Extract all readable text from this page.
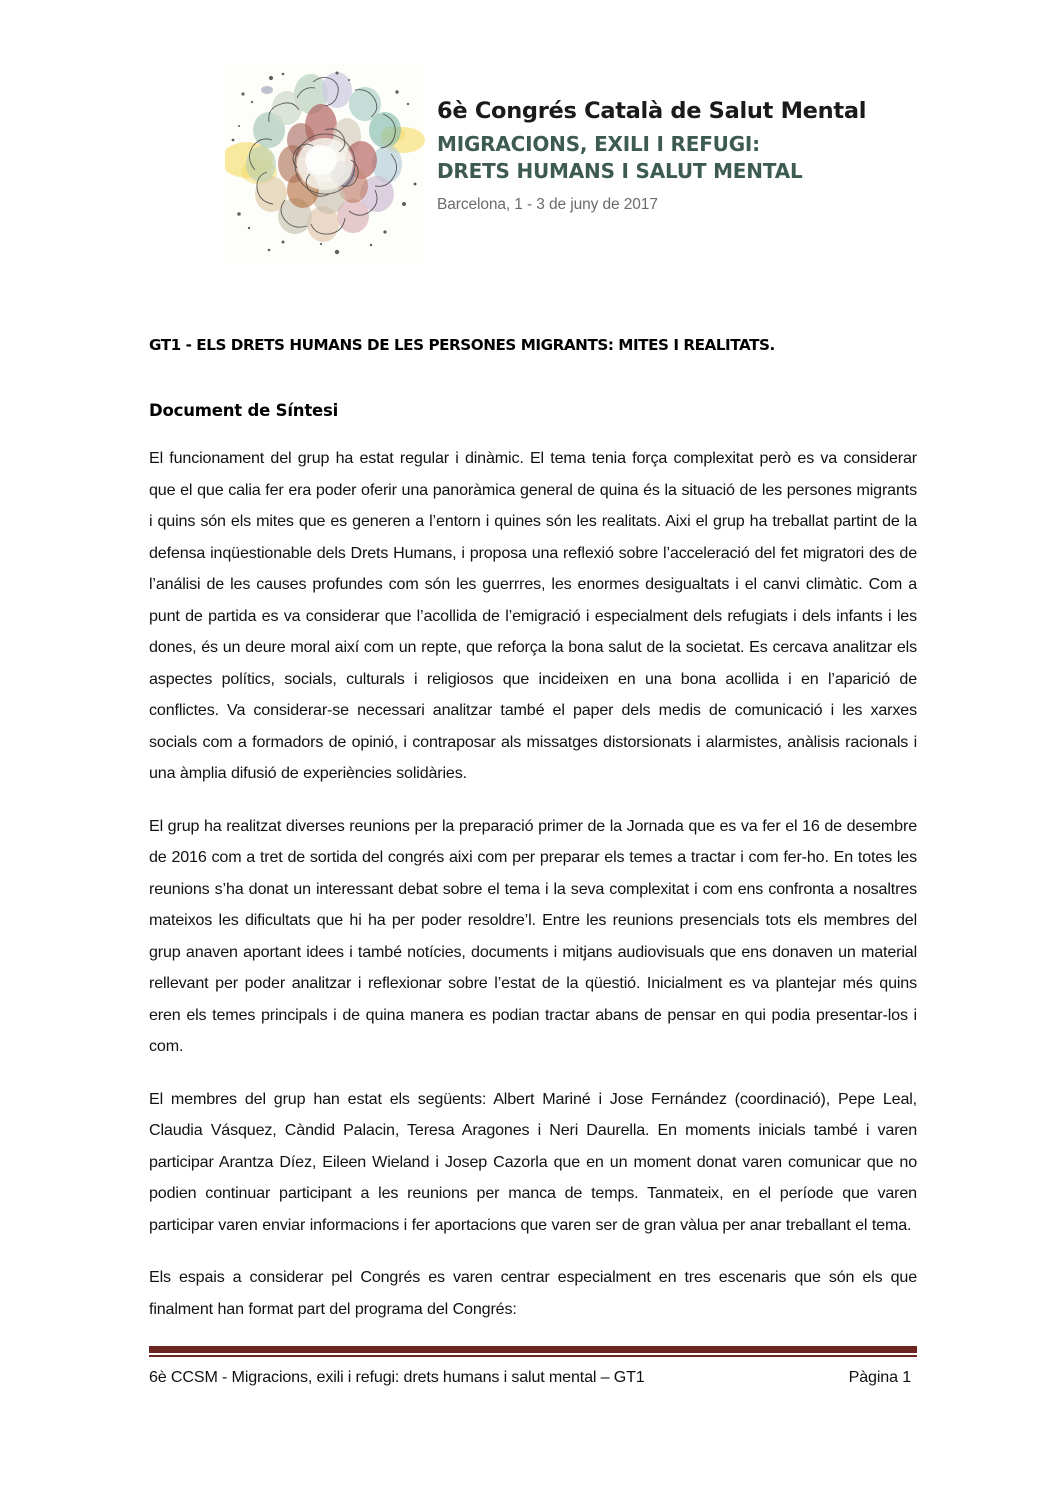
6è Congrés Català de Salut Mental
MIGRACIONS, EXILI I REFUGI:
DRETS HUMANS I SALUT MENTAL
Barcelona, 1 - 3 de juny de 2017
GT1 - ELS DRETS HUMANS DE LES PERSONES MIGRANTS: MITES I REALITATS.
Document de Síntesi

El funcionament del grup ha estat regular i dinàmic. El tema tenia força complexitat però es va considerar que el que calia fer era poder oferir una panoràmica general de quina és la situació de les persones migrants i quins són els mites que es generen a l’entorn i quines són les realitats. Aixi el grup ha treballat partint de la defensa inqüestionable dels Drets Humans, i proposa una reflexió sobre l’acceleració del fet migratori des de l’análisi de les causes profundes com són les guerrres, les enormes desigualtats i el canvi climàtic. Com a punt de partida es va considerar que l’acollida de l’emigració i especialment dels refugiats i dels infants i les dones, és un deure moral així com un repte, que reforça la bona salut de la societat. Es cercava analitzar els aspectes polítics, socials, culturals i religiosos que incideixen en una bona acollida i en l’aparició de conflictes. Va considerar-se necessari analitzar també el paper dels medis de comunicació i les xarxes socials com a formadors de opinió, i contraposar als missatges distorsionats i alarmistes, anàlisis racionals i una àmplia difusió de experiències solidàries.

El grup ha realitzat diverses reunions per la preparació primer de la Jornada que es va fer el 16 de desembre de 2016 com a tret de sortida del congrés aixi com per preparar els temes a tractar i com fer-ho. En totes les reunions s’ha donat un interessant debat sobre el tema i la seva complexitat i com ens confronta a nosaltres mateixos les dificultats que hi ha per poder resoldre’l. Entre les reunions presencials tots els membres del grup anaven aportant idees i també notícies, documents i mitjans audiovisuals que ens donaven un material rellevant per poder analitzar i reflexionar sobre l’estat de la qüestió. Inicialment es va plantejar més quins eren els temes principals i de quina manera es podian tractar abans de pensar en qui podia presentar-los i com.

El membres del grup han estat els següents: Albert Mariné i Jose Fernández (coordinació), Pepe Leal, Claudia Vásquez, Càndid Palacin, Teresa Aragones i Neri Daurella. En moments inicials també i varen participar Arantza Díez, Eileen Wieland i Josep Cazorla que en un moment donat varen comunicar que no podien continuar participant a les reunions per manca de temps. Tanmateix, en el període que varen participar varen enviar informacions i fer aportacions que varen ser de gran vàlua per anar treballant el tema.

Els espais a considerar pel Congrés es varen centrar especialment en tres escenaris que són els que finalment han format part del programa del Congrés:

6è CCSM - Migracions, exili i refugi: drets humans i salut mental – GT1	Pàgina 1
